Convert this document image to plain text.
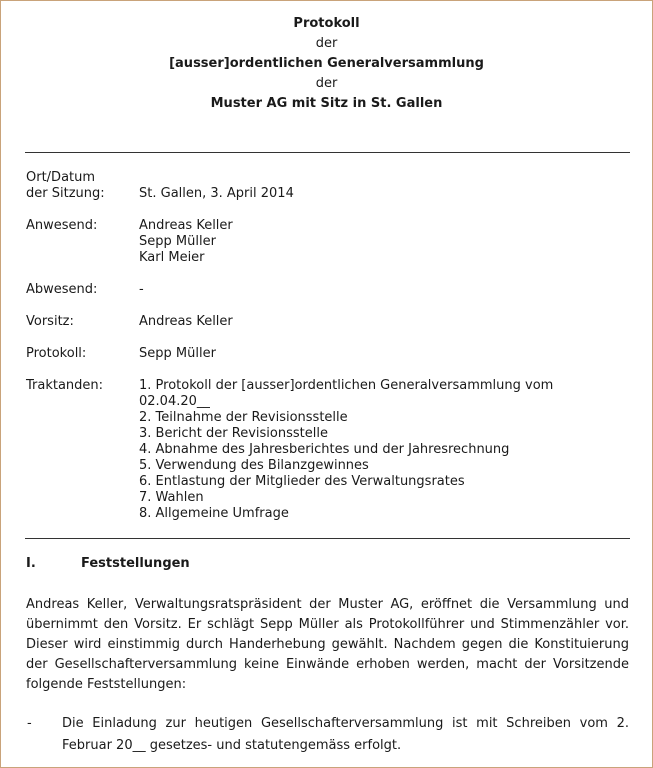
Protokoll
der
[ausser]ordentlichen Generalversammlung
der
Muster AG mit Sitz in St. Gallen
Ort/Datum
der Sitzung:	St. Gallen, 3. April 2014
Anwesend:	Andreas Keller
Sepp Müller
Karl Meier
Abwesend:	-
Vorsitz:	Andreas Keller
Protokoll:	Sepp Müller
Traktanden:	1. Protokoll der [ausser]ordentlichen Generalversammlung vom
02.04.20__
2. Teilnahme der Revisionsstelle
3. Bericht der Revisionsstelle
4. Abnahme des Jahresberichtes und der Jahresrechnung
5. Verwendung des Bilanzgewinnes
6. Entlastung der Mitglieder des Verwaltungsrates
7. Wahlen
8. Allgemeine Umfrage
I.	Feststellungen
Andreas Keller, Verwaltungsratspräsident der Muster AG, eröffnet die Versammlung und übernimmt den Vorsitz. Er schlägt Sepp Müller als Protokollführer und Stimmenzähler vor. Dieser wird einstimmig durch Handerhebung gewählt. Nachdem gegen die Konstituierung der Gesellschafterversammlung keine Einwände erhoben werden, macht der Vorsitzende folgende Feststellungen:
- Die Einladung zur heutigen Gesellschafterversammlung ist mit Schreiben vom 2. Februar 20__ gesetzes- und statutengemäss erfolgt.
